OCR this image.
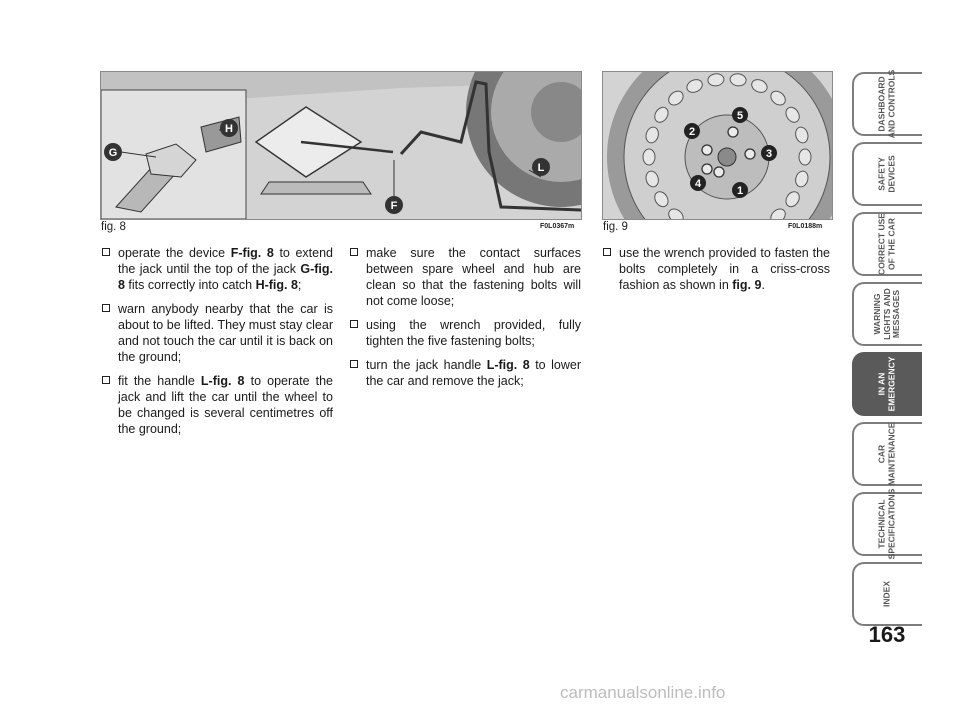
G
H
F
L
fig. 8	F0L0367m
1
2
3
4
5
fig. 9	F0L0188m
operate the device F-fig. 8 to extend the jack until the top of the jack G-fig. 8 fits correctly into catch H-fig. 8;
warn anybody nearby that the car is about to be lifted. They must stay clear and not touch the car until it is back on the ground;
fit the handle L-fig. 8 to operate the jack and lift the car until the wheel to be changed is several centimetres off the ground;
make sure the contact surfaces between spare wheel and hub are clean so that the fastening bolts will not come loose;
using the wrench provided, fully tighten the five fastening bolts;
turn the jack handle L-fig. 8 to lower the car and remove the jack;
use the wrench provided to fasten the bolts completely in a criss-cross fashion as shown in fig. 9.
DASHBOARD
AND CONTROLS
SAFETY
DEVICES
CORRECT USE
OF THE CAR
WARNING
LIGHTS AND
MESSAGES
IN AN
EMERGENCY
CAR
MAINTENANCE
TECHNICAL
SPECIFICATIONS
INDEX
163
carmanualsonline.info
